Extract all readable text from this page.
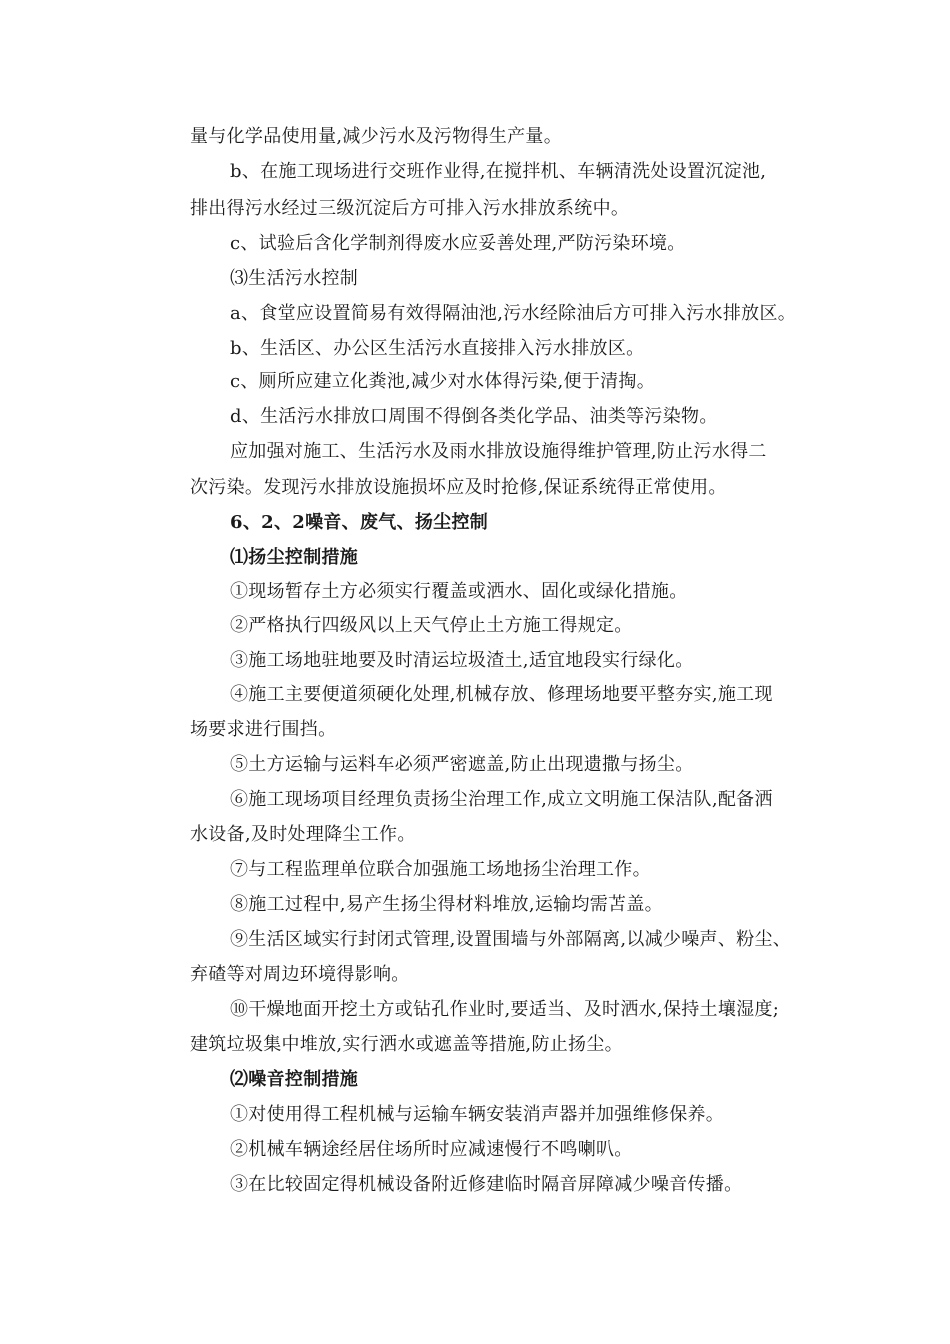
量与化学品使用量,减少污水及污物得生产量。
b、在施工现场进行交班作业得,在搅拌机、车辆清洗处设置沉淀池,
排出得污水经过三级沉淀后方可排入污水排放系统中。
c、试验后含化学制剂得废水应妥善处理,严防污染环境。
⑶生活污水控制
a、食堂应设置简易有效得隔油池,污水经除油后方可排入污水排放区。
b、生活区、办公区生活污水直接排入污水排放区。
c、厕所应建立化粪池,减少对水体得污染,便于清掏。
d、生活污水排放口周围不得倒各类化学品、油类等污染物。
应加强对施工、生活污水及雨水排放设施得维护管理,防止污水得二
次污染。发现污水排放设施损坏应及时抢修,保证系统得正常使用。
6、2、2噪音、废气、扬尘控制
⑴扬尘控制措施
①现场暂存土方必须实行覆盖或洒水、固化或绿化措施。
②严格执行四级风以上天气停止土方施工得规定。
③施工场地驻地要及时清运垃圾渣土,适宜地段实行绿化。
④施工主要便道须硬化处理,机械存放、修理场地要平整夯实,施工现
场要求进行围挡。
⑤土方运输与运料车必须严密遮盖,防止出现遗撒与扬尘。
⑥施工现场项目经理负责扬尘治理工作,成立文明施工保洁队,配备洒
水设备,及时处理降尘工作。
⑦与工程监理单位联合加强施工场地扬尘治理工作。
⑧施工过程中,易产生扬尘得材料堆放,运输均需苫盖。
⑨生活区域实行封闭式管理,设置围墙与外部隔离,以减少噪声、粉尘、
弃碴等对周边环境得影响。
⑩干燥地面开挖土方或钻孔作业时,要适当、及时洒水,保持土壤湿度;
建筑垃圾集中堆放,实行洒水或遮盖等措施,防止扬尘。
⑵噪音控制措施
①对使用得工程机械与运输车辆安装消声器并加强维修保养。
②机械车辆途经居住场所时应减速慢行不鸣喇叭。
③在比较固定得机械设备附近修建临时隔音屏障减少噪音传播。
